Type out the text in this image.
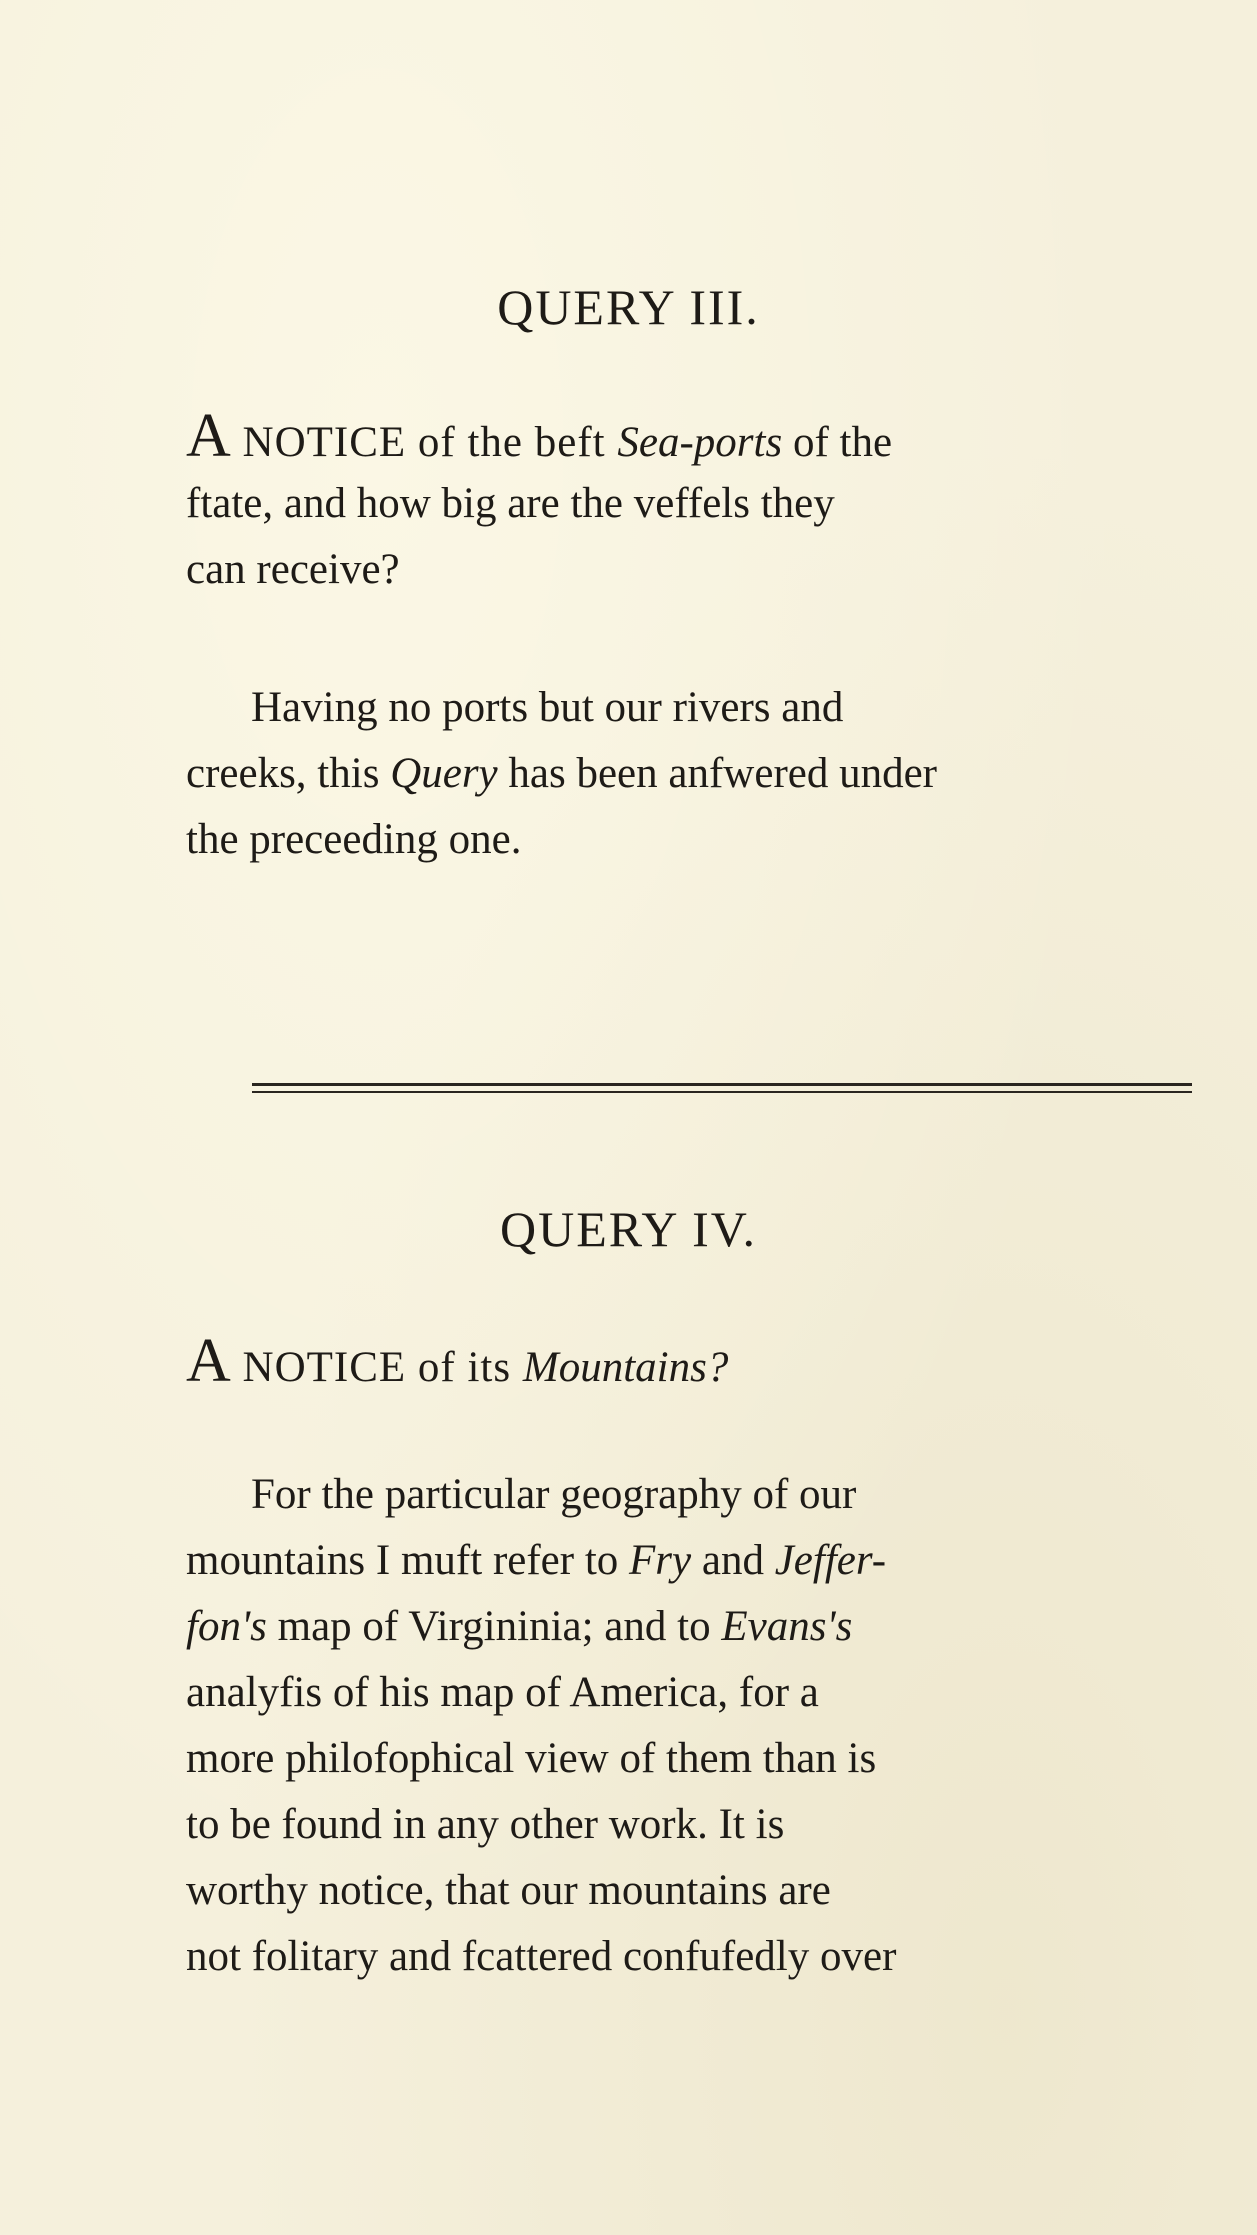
QUERY III.

A NOTICE of the beft Sea-ports of the
ftate, and how big are the veffels they
can receive?

Having no ports but our rivers and
creeks, this Query has been anfwered under
the preceeding one.

QUERY IV.

A NOTICE of its Mountains?

For the particular geography of our
mountains I muft refer to Fry and Jeffer-
fon's map of Virgininia; and to Evans's
analyfis of his map of America, for a
more philofophical view of them than is
to be found in any other work. It is
worthy notice, that our mountains are
not folitary and fcattered confufedly over
